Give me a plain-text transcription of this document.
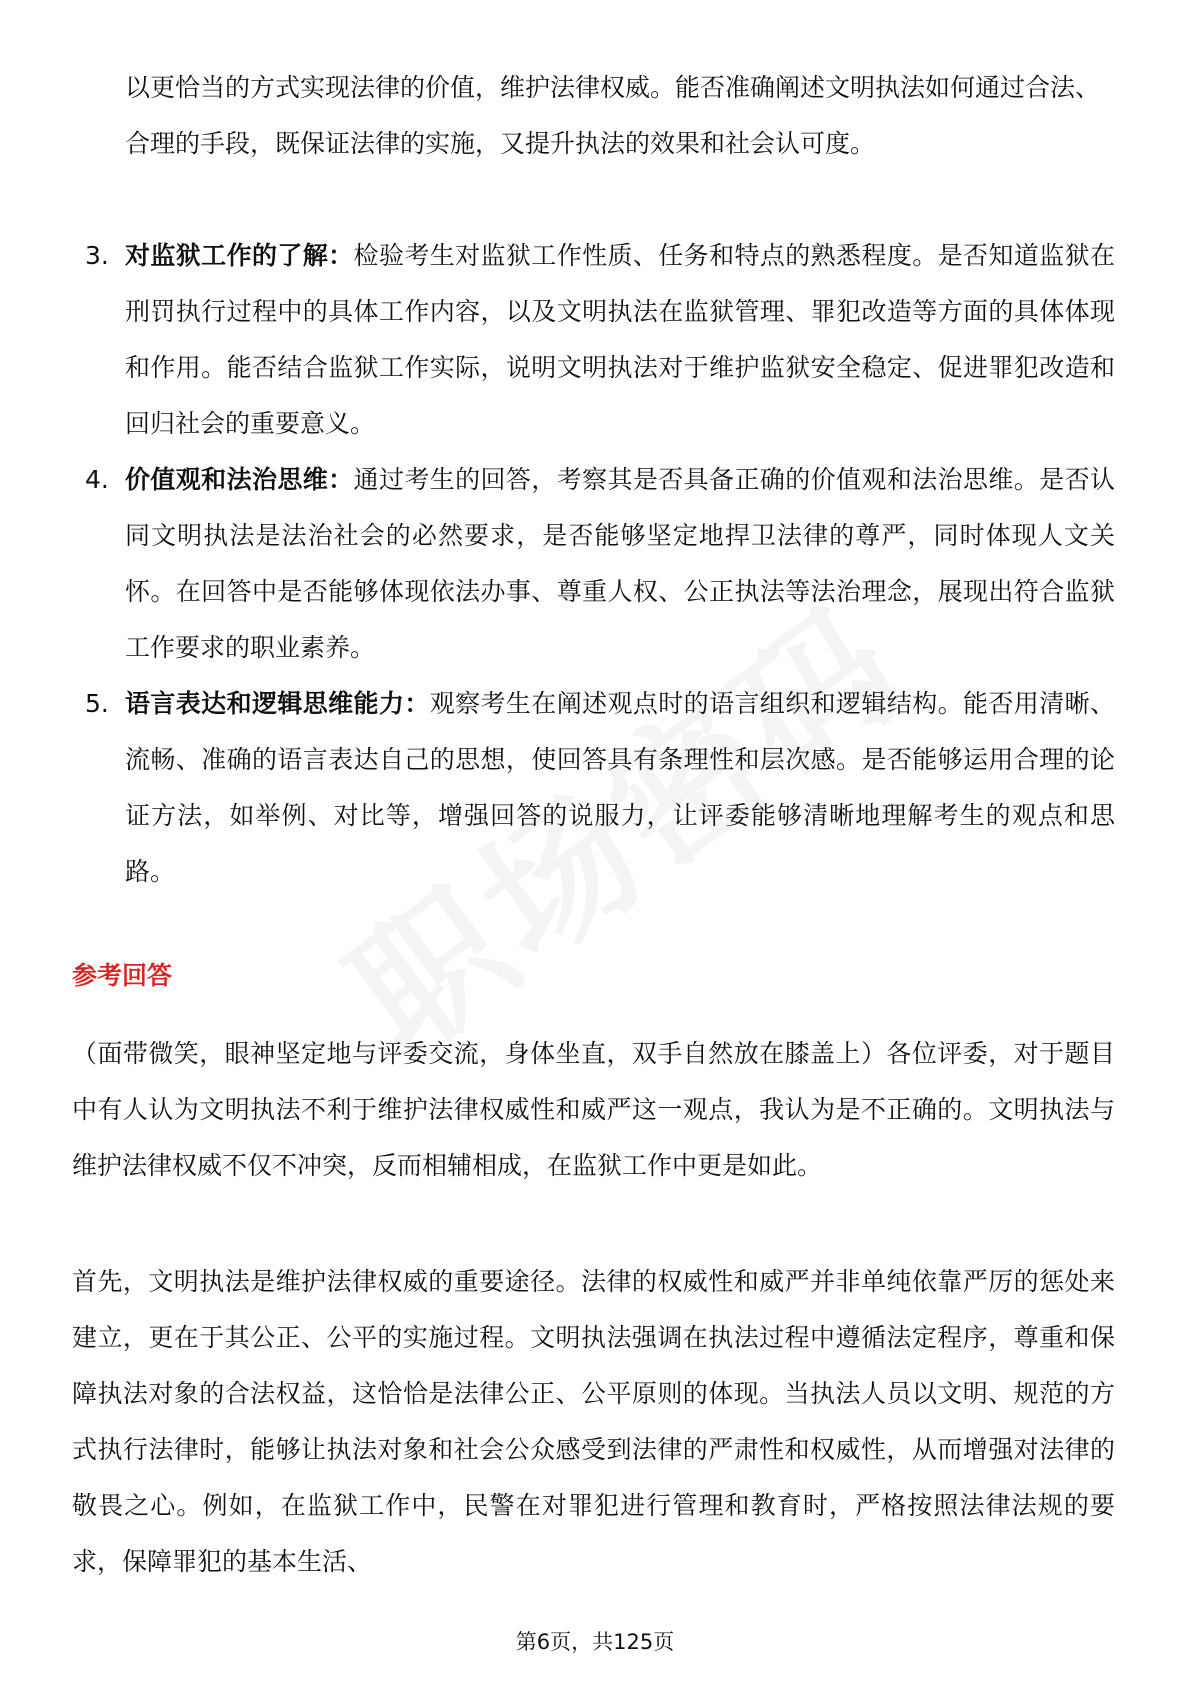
以更恰当的方式实现法律的价值，维护法律权威。能否准确阐述文明执法如何通过合法、合理的手段，既保证法律的实施，又提升执法的效果和社会认可度。
3. 对监狱工作的了解：检验考生对监狱工作性质、任务和特点的熟悉程度。是否知道监狱在刑罚执行过程中的具体工作内容，以及文明执法在监狱管理、罪犯改造等方面的具体体现和作用。能否结合监狱工作实际，说明文明执法对于维护监狱安全稳定、促进罪犯改造和回归社会的重要意义。
4. 价值观和法治思维：通过考生的回答，考察其是否具备正确的价值观和法治思维。是否认同文明执法是法治社会的必然要求，是否能够坚定地捍卫法律的尊严，同时体现人文关怀。在回答中是否能够体现依法办事、尊重人权、公正执法等法治理念，展现出符合监狱工作要求的职业素养。
5. 语言表达和逻辑思维能力：观察考生在阐述观点时的语言组织和逻辑结构。能否用清晰、流畅、准确的语言表达自己的思想，使回答具有条理性和层次感。是否能够运用合理的论证方法，如举例、对比等，增强回答的说服力，让评委能够清晰地理解考生的观点和思路。
参考回答

（面带微笑，眼神坚定地与评委交流，身体坐直，双手自然放在膝盖上）各位评委，对于题目中有人认为文明执法不利于维护法律权威性和威严这一观点，我认为是不正确的。文明执法与维护法律权威不仅不冲突，反而相辅相成，在监狱工作中更是如此。

首先，文明执法是维护法律权威的重要途径。法律的权威性和威严并非单纯依靠严厉的惩处来建立，更在于其公正、公平的实施过程。文明执法强调在执法过程中遵循法定程序，尊重和保障执法对象的合法权益，这恰恰是法律公正、公平原则的体现。当执法人员以文明、规范的方式执行法律时，能够让执法对象和社会公众感受到法律的严肃性和权威性，从而增强对法律的敬畏之心。例如，在监狱工作中，民警在对罪犯进行管理和教育时，严格按照法律法规的要求，保障罪犯的基本生活、

第6页，共125页
